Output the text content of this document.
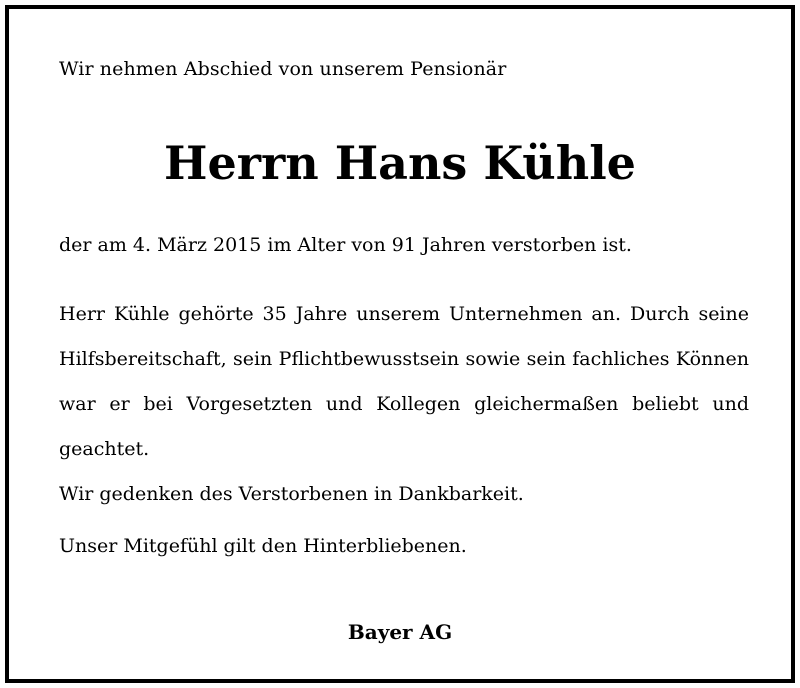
Wir nehmen Abschied von unserem Pensionär
Herrn Hans Kühle
der am 4. März 2015 im Alter von 91 Jahren verstorben ist.
Herr Kühle gehörte 35 Jahre unserem Unternehmen an. Durch seine Hilfsbereitschaft, sein Pflichtbewusstsein sowie sein fachliches Können war er bei Vorgesetzten und Kollegen gleichermaßen beliebt und geachtet.
Wir gedenken des Verstorbenen in Dankbarkeit.
Unser Mitgefühl gilt den Hinterbliebenen.
Bayer AG
